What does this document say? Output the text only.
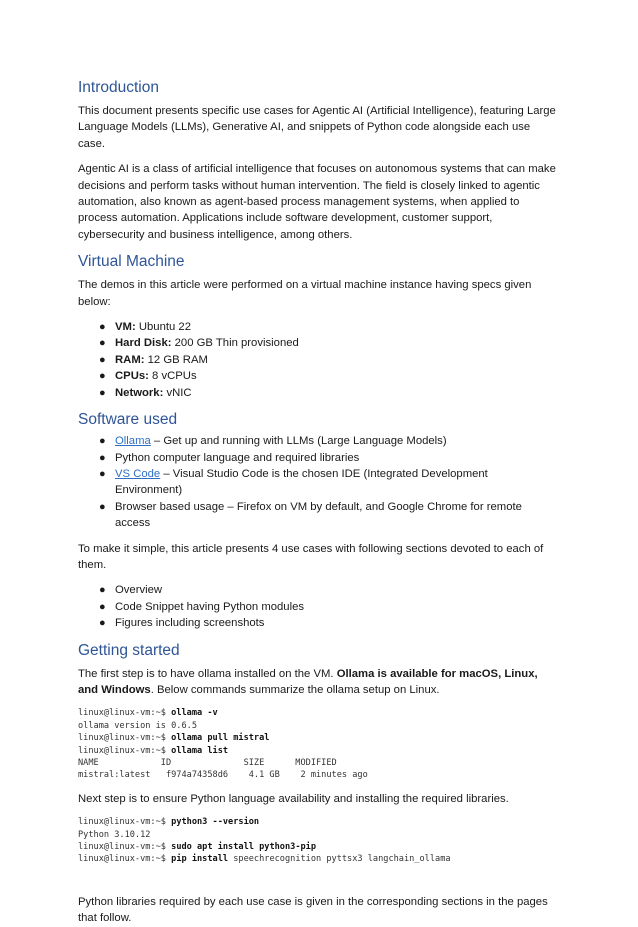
Introduction

This document presents specific use cases for Agentic AI (Artificial Intelligence), featuring Large Language Models (LLMs), Generative AI, and snippets of Python code alongside each use case.

Agentic AI is a class of artificial intelligence that focuses on autonomous systems that can make decisions and perform tasks without human intervention. The field is closely linked to agentic automation, also known as agent-based process management systems, when applied to process automation. Applications include software development, customer support, cybersecurity and business intelligence, among others.

Virtual Machine

The demos in this article were performed on a virtual machine instance having specs given below:

● VM: Ubuntu 22
● Hard Disk: 200 GB Thin provisioned
● RAM: 12 GB RAM
● CPUs: 8 vCPUs
● Network: vNIC
Software used
● Ollama – Get up and running with LLMs (Large Language Models)
● Python computer language and required libraries
● VS Code – Visual Studio Code is the chosen IDE (Integrated Development Environment)
● Browser based usage – Firefox on VM by default, and Google Chrome for remote access

To make it simple, this article presents 4 use cases with following sections devoted to each of them.

● Overview
● Code Snippet having Python modules
● Figures including screenshots
Getting started

The first step is to have ollama installed on the VM. Ollama is available for macOS, Linux, and Windows. Below commands summarize the ollama setup on Linux.

linux@linux-vm:~$ ollama -v
ollama version is 0.6.5
linux@linux-vm:~$ ollama pull mistral
linux@linux-vm:~$ ollama list
NAME            ID              SIZE      MODIFIED
mistral:latest   f974a74358d6    4.1 GB    2 minutes ago

Next step is to ensure Python language availability and installing the required libraries.

linux@linux-vm:~$ python3 --version
Python 3.10.12
linux@linux-vm:~$ sudo apt install python3-pip
linux@linux-vm:~$ pip install speechrecognition pyttsx3 langchain_ollama

Python libraries required by each use case is given in the corresponding sections in the pages that follow.
